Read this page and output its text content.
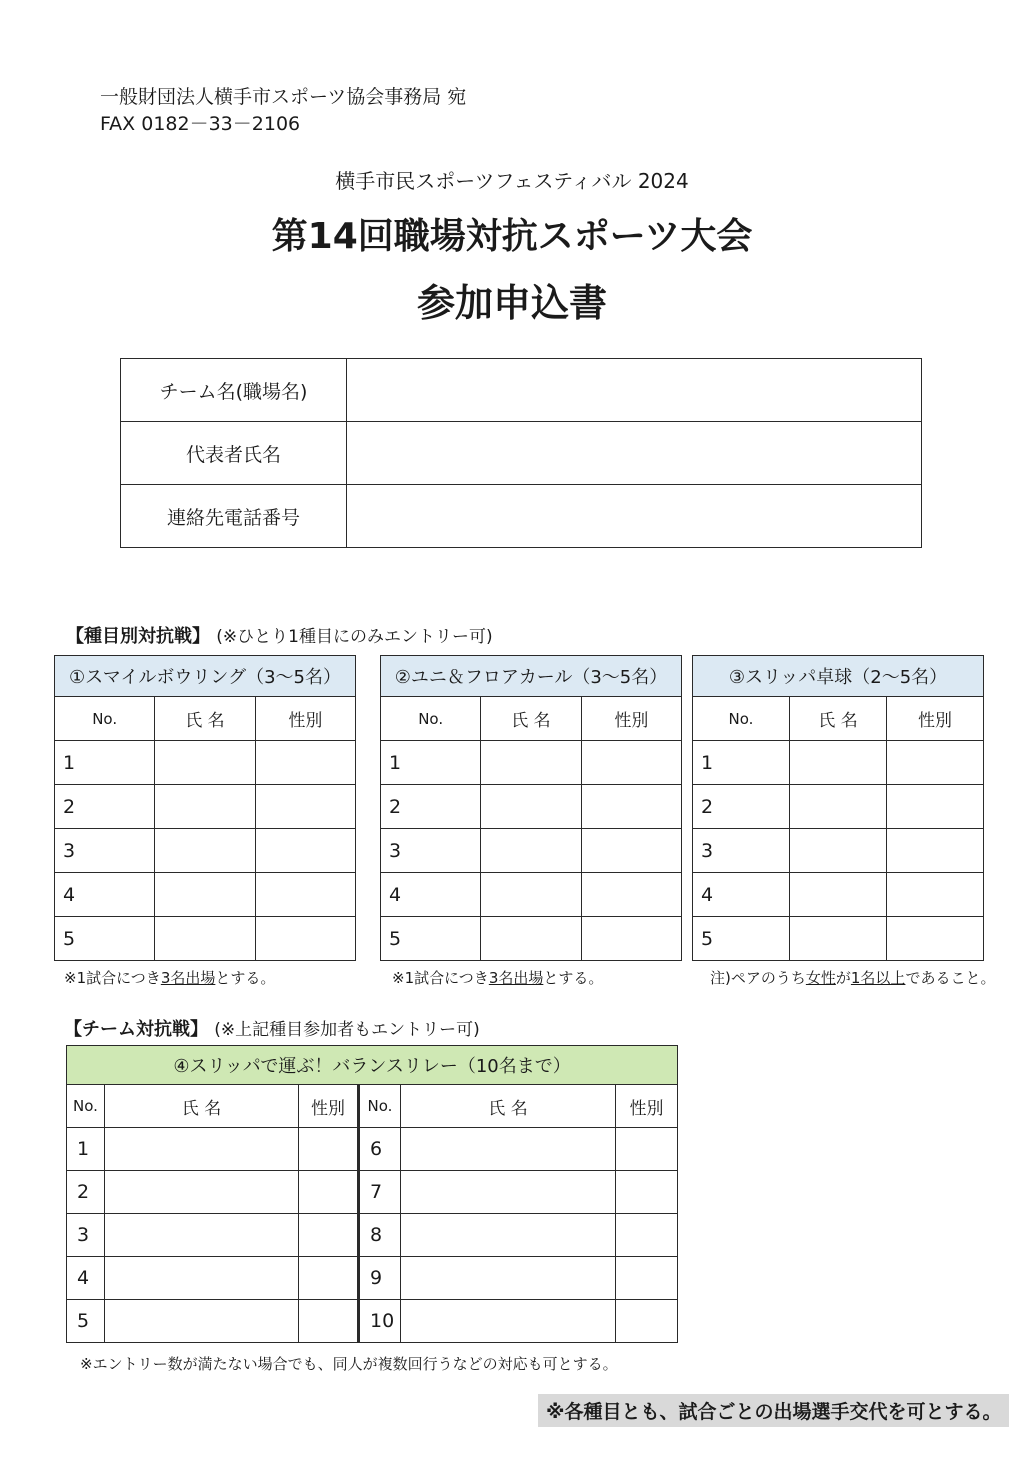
一般財団法人横手市スポーツ協会事務局 宛
FAX 0182－33－2106
横手市民スポーツフェスティバル 2024
第14回職場対抗スポーツ大会
参加申込書
チーム名(職場名)	
代表者氏名	
連絡先電話番号	
【種目別対抗戦】 (※ひとり1種目にのみエントリー可)
①スマイルボウリング（3～5名）		
No.	氏 名	性別
1		
2		
3		
4		
5		
②ユニ＆フロアカール（3～5名）		
No.	氏 名	性別
1		
2		
3		
4		
5		
③スリッパ卓球（2～5名）		
No.	氏 名	性別
1		
2		
3		
4		
5		
※1試合につき3名出場とする。	※1試合につき3名出場とする。	注)ペアのうち女性が1名以上であること。
【チーム対抗戦】 (※上記種目参加者もエントリー可)
④スリッパで運ぶ！バランスリレー（10名まで）					
No.	氏 名	性別	No.	氏 名	性別
1			6		
2			7		
3			8		
4			9		
5			10		
※エントリー数が満たない場合でも、同人が複数回行うなどの対応も可とする。
※各種目とも、試合ごとの出場選手交代を可とする。
